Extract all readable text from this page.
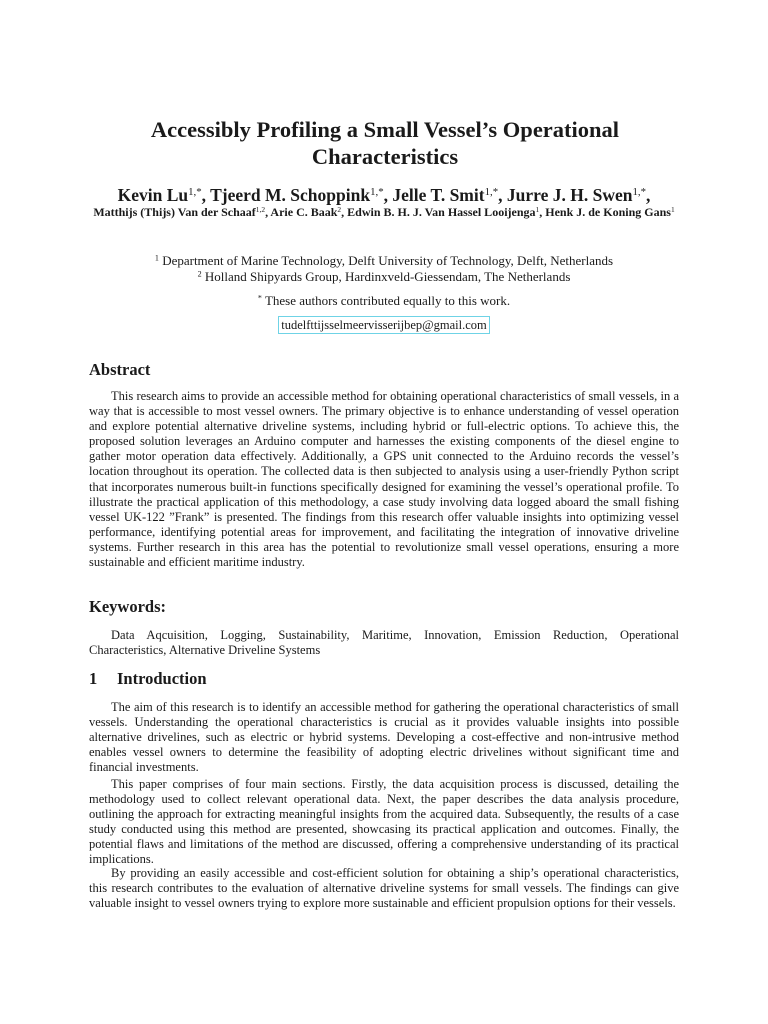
Accessibly Profiling a Small Vessel’s Operational Characteristics
Kevin $Lu^{1,*}$, Tjeerd M. Schoppink$^{1,*}$, Jelle T. Smit$^{1,*}$, Jurre J. H. Swen$^{1,*}$,
Matthijs (Thijs) Van der Schaaf$^{1,2}$, Arie C. Baak$^2$, Edwin B. H. J. Van Hassel Looijenga$^1$, Henk J. de Koning Gans$^1$

$^1$ Department of Marine Technology, Delft University of Technology, Delft, Netherlands

$^2$ Holland Shipyards Group, Hardinxveld-Giessendam, The Netherlands

* These authors contributed equally to this work.

tudelfttijsselmeervisserijbep@gmail.com
Abstract

This research aims to provide an accessible method for obtaining operational characteristics of small vessels, in a way that is accessible to most vessel owners. The primary objective is to enhance understanding of vessel operation and explore potential alternative driveline systems, including hybrid or full-electric options. To achieve this, the proposed solution leverages an Arduino computer and harnesses the existing components of the diesel engine to gather motor operation data effectively. Additionally, a GPS unit connected to the Arduino records the vessel’s location throughout its operation. The collected data is then subjected to analysis using a user-friendly Python script that incorporates numerous built-in functions specifically designed for examining the vessel’s operational profile. To illustrate the practical application of this methodology, a case study involving data logged aboard the small fishing vessel UK-122 ”Frank” is presented. The findings from this research offer valuable insights into optimizing vessel performance, identifying potential areas for improvement, and facilitating the integration of innovative driveline systems. Further research in this area has the potential to revolutionize small vessel operations, ensuring a more sustainable and efficient maritime industry.

Keywords:

Data Aqcuisition, Logging, Sustainability, Maritime, Innovation, Emission Reduction, Operational Characteristics, Alternative Driveline Systems

1 Introduction

The aim of this research is to identify an accessible method for gathering the operational characteristics of small vessels. Understanding the operational characteristics is crucial as it provides valuable insights into possible alternative drivelines, such as electric or hybrid systems. Developing a cost-effective and non-intrusive method enables vessel owners to determine the feasibility of adopting electric drivelines without significant time and financial investments.

This paper comprises of four main sections. Firstly, the data acquisition process is discussed, detailing the methodology used to collect relevant operational data. Next, the paper describes the data analysis procedure, outlining the approach for extracting meaningful insights from the acquired data. Subsequently, the results of a case study conducted using this method are presented, showcasing its practical application and outcomes. Finally, the potential flaws and limitations of the method are discussed, offering a comprehensive understanding of its practical implications.

By providing an easily accessible and cost-efficient solution for obtaining a ship’s operational characteristics, this research contributes to the evaluation of alternative driveline systems for small vessels. The findings can give valuable insight to vessel owners trying to explore more sustainable and efficient propulsion options for their vessels.
